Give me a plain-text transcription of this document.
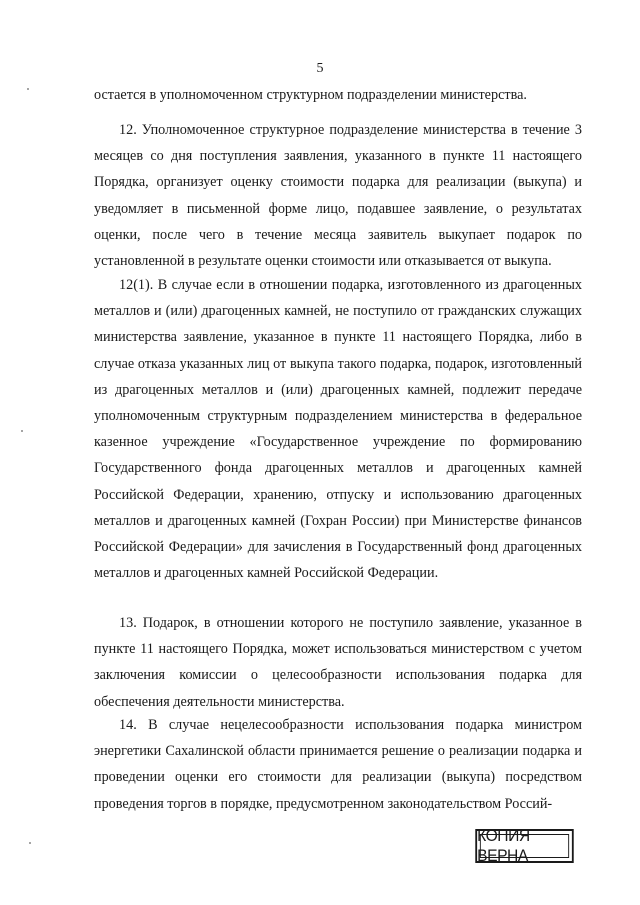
5

остается в уполномоченном структурном подразделении министерства.

12. Уполномоченное структурное подразделение министерства в течение 3 месяцев со дня поступления заявления, указанного в пункте 11 настоящего Порядка, организует оценку стоимости подарка для реализации (выкупа) и уведомляет в письменной форме лицо, подавшее заявление, о результатах оценки, после чего в течение месяца заявитель выкупает подарок по установленной в результате оценки стоимости или отказывается от выкупа.

12(1). В случае если в отношении подарка, изготовленного из драгоценных металлов и (или) драгоценных камней, не поступило от гражданских служащих министерства заявление, указанное в пункте 11 настоящего Порядка, либо в случае отказа указанных лиц от выкупа такого подарка, подарок, изготовленный из драгоценных металлов и (или) драгоценных камней, подлежит передаче уполномоченным структурным подразделением министерства в федеральное казенное учреждение «Государственное учреждение по формированию Государственного фонда драгоценных металлов и драгоценных камней Российской Федерации, хранению, отпуску и использованию драгоценных металлов и драгоценных камней (Гохран России) при Министерстве финансов Российской Федерации» для зачисления в Государственный фонд драгоценных металлов и драгоценных камней Российской Федерации.

13. Подарок, в отношении которого не поступило заявление, указанное в пункте 11 настоящего Порядка, может использоваться министерством с учетом заключения комиссии о целесообразности использования подарка для обеспечения деятельности министерства.

14. В случае нецелесообразности использования подарка министром энергетики Сахалинской области принимается решение о реализации подарка и проведении оценки его стоимости для реализации (выкупа) посредством проведения торгов в порядке, предусмотренном законодательством Россий-

КОПИЯ ВЕРНА
